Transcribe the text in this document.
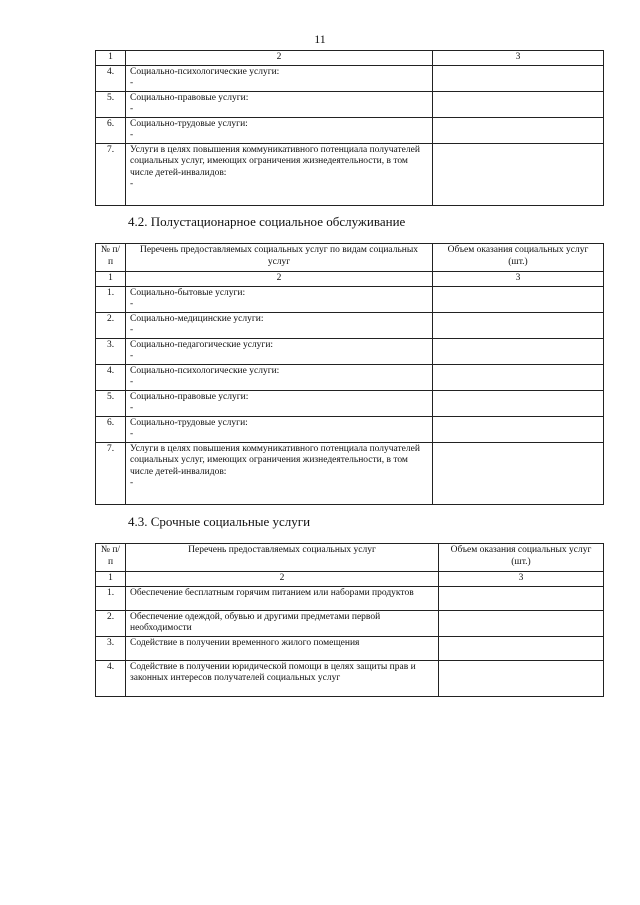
11
1	2	3
4.	Социально-психологические услуги:
-	

5.	Социально-правовые услуги:
-	

6.	Социально-трудовые услуги:
-	

7.	Услуги в целях повышения коммуникативного потенциала получателей социальных услуг, имеющих ограничения жизнедеятельности, в том числе детей-инвалидов:
-	

4.2. Полустационарное социальное обслуживание
№ п/п	Перечень предоставляемых социальных услуг по видам социальных услуг	Объем оказания социальных услуг (шт.)
1	2	3
1.	Социально-бытовые услуги:
-	

2.	Социально-медицинские услуги:
-	

3.	Социально-педагогические услуги:
-	

4.	Социально-психологические услуги:
-	

5.	Социально-правовые услуги:
-	

6.	Социально-трудовые услуги:
-	

7.	Услуги в целях повышения коммуникативного потенциала получателей социальных услуг, имеющих ограничения жизнедеятельности, в том числе детей-инвалидов:
-	

4.3. Срочные социальные услуги
№ п/п	Перечень предоставляемых социальных услуг	Объем оказания социальных услуг (шт.)
1	2	3
1.	Обеспечение бесплатным горячим питанием или наборами продуктов	
2.	Обеспечение одеждой, обувью и другими предметами первой необходимости	
3.	Содействие в получении временного жилого помещения	
4.	Содействие в получении юридической помощи в целях защиты прав и законных интересов получателей социальных услуг	
